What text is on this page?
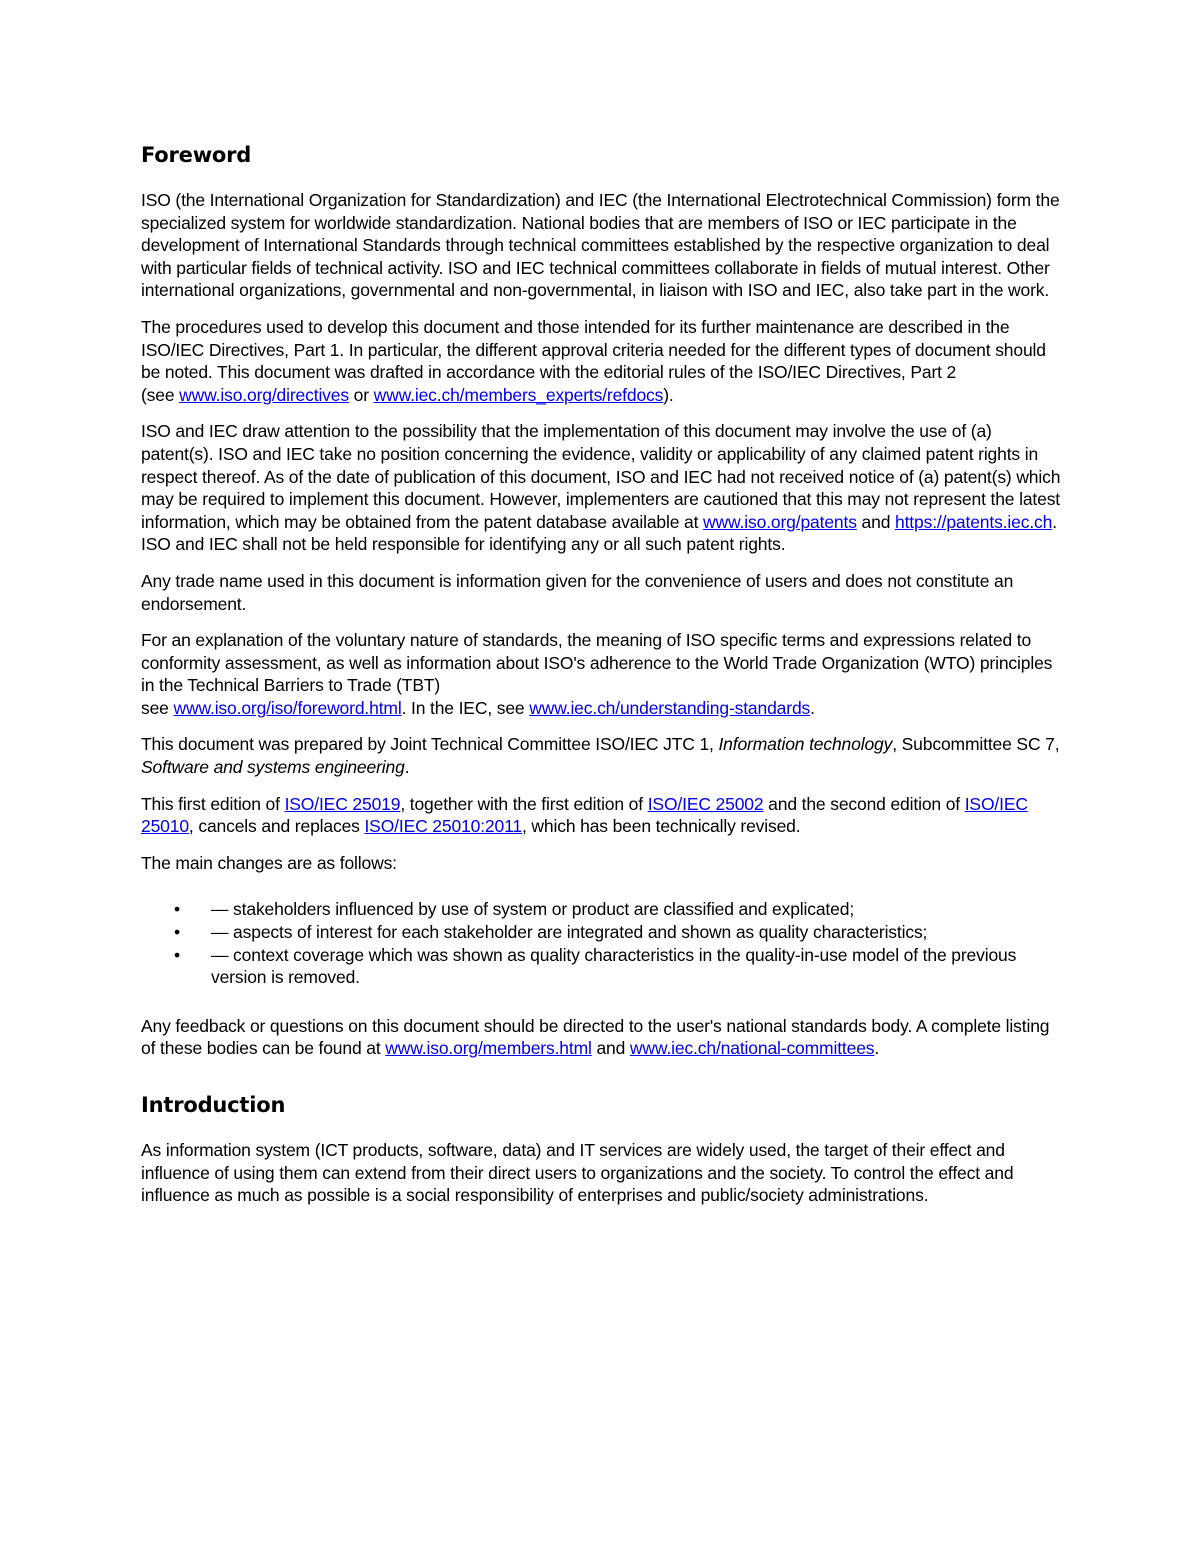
Foreword

ISO (the International Organization for Standardization) and IEC (the International Electrotechnical Commission) form the specialized system for worldwide standardization. National bodies that are members of ISO or IEC participate in the development of International Standards through technical committees established by the respective organization to deal with particular fields of technical activity. ISO and IEC technical committees collaborate in fields of mutual interest. Other international organizations, governmental and non-governmental, in liaison with ISO and IEC, also take part in the work.

The procedures used to develop this document and those intended for its further maintenance are described in the ISO/IEC Directives, Part 1. In particular, the different approval criteria needed for the different types of document should be noted. This document was drafted in accordance with the editorial rules of the ISO/IEC Directives, Part 2
(see www.iso.org/directives or www.iec.ch/members_experts/refdocs).

ISO and IEC draw attention to the possibility that the implementation of this document may involve the use of (a) patent(s). ISO and IEC take no position concerning the evidence, validity or applicability of any claimed patent rights in respect thereof. As of the date of publication of this document, ISO and IEC had not received notice of (a) patent(s) which may be required to implement this document. However, implementers are cautioned that this may not represent the latest information, which may be obtained from the patent database available at www.iso.org/patents and https://patents.iec.ch. ISO and IEC shall not be held responsible for identifying any or all such patent rights.

Any trade name used in this document is information given for the convenience of users and does not constitute an endorsement.

For an explanation of the voluntary nature of standards, the meaning of ISO specific terms and expressions related to conformity assessment, as well as information about ISO's adherence to the World Trade Organization (WTO) principles in the Technical Barriers to Trade (TBT)
see www.iso.org/iso/foreword.html. In the IEC, see www.iec.ch/understanding-standards.

This document was prepared by Joint Technical Committee ISO/IEC JTC 1, Information technology, Subcommittee SC 7, Software and systems engineering.

This first edition of ISO/IEC 25019, together with the first edition of ISO/IEC 25002 and the second edition of ISO/IEC 25010, cancels and replaces ISO/IEC 25010:2011, which has been technically revised.

The main changes are as follows:

• — stakeholders influenced by use of system or product are classified and explicated;
• — aspects of interest for each stakeholder are integrated and shown as quality characteristics;
• — context coverage which was shown as quality characteristics in the quality-in-use model of the previous version is removed.

Any feedback or questions on this document should be directed to the user's national standards body. A complete listing of these bodies can be found at www.iso.org/members.html and www.iec.ch/national-committees.

Introduction

As information system (ICT products, software, data) and IT services are widely used, the target of their effect and influence of using them can extend from their direct users to organizations and the society. To control the effect and influence as much as possible is a social responsibility of enterprises and public/society administrations.
